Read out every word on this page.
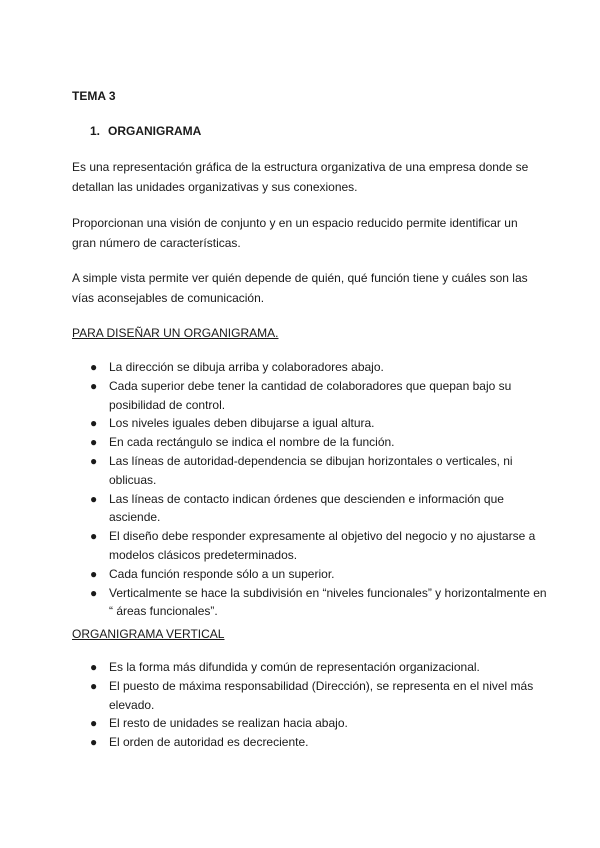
TEMA 3
1. ORGANIGRAMA

Es una representación gráfica de la estructura organizativa de una empresa donde se detallan las unidades organizativas y sus conexiones.

Proporcionan una visión de conjunto y en un espacio reducido permite identificar un gran número de características.

A simple vista permite ver quién depende de quién, qué función tiene y cuáles son las vías aconsejables de comunicación.

PARA DISEÑAR UN ORGANIGRAMA.
● La dirección se dibuja arriba y colaboradores abajo.
● Cada superior debe tener la cantidad de colaboradores que quepan bajo su posibilidad de control.
● Los niveles iguales deben dibujarse a igual altura.
● En cada rectángulo se indica el nombre de la función.
● Las líneas de autoridad-dependencia se dibujan horizontales o verticales, ni oblicuas.
● Las líneas de contacto indican órdenes que descienden e información que asciende.
● El diseño debe responder expresamente al objetivo del negocio y no ajustarse a modelos clásicos predeterminados.
● Cada función responde sólo a un superior.
● Verticalmente se hace la subdivisión en “niveles funcionales” y horizontalmente en “ áreas funcionales”.
ORGANIGRAMA VERTICAL
● Es la forma más difundida y común de representación organizacional.
● El puesto de máxima responsabilidad (Dirección), se representa en el nivel más elevado.
● El resto de unidades se realizan hacia abajo.
● El orden de autoridad es decreciente.
